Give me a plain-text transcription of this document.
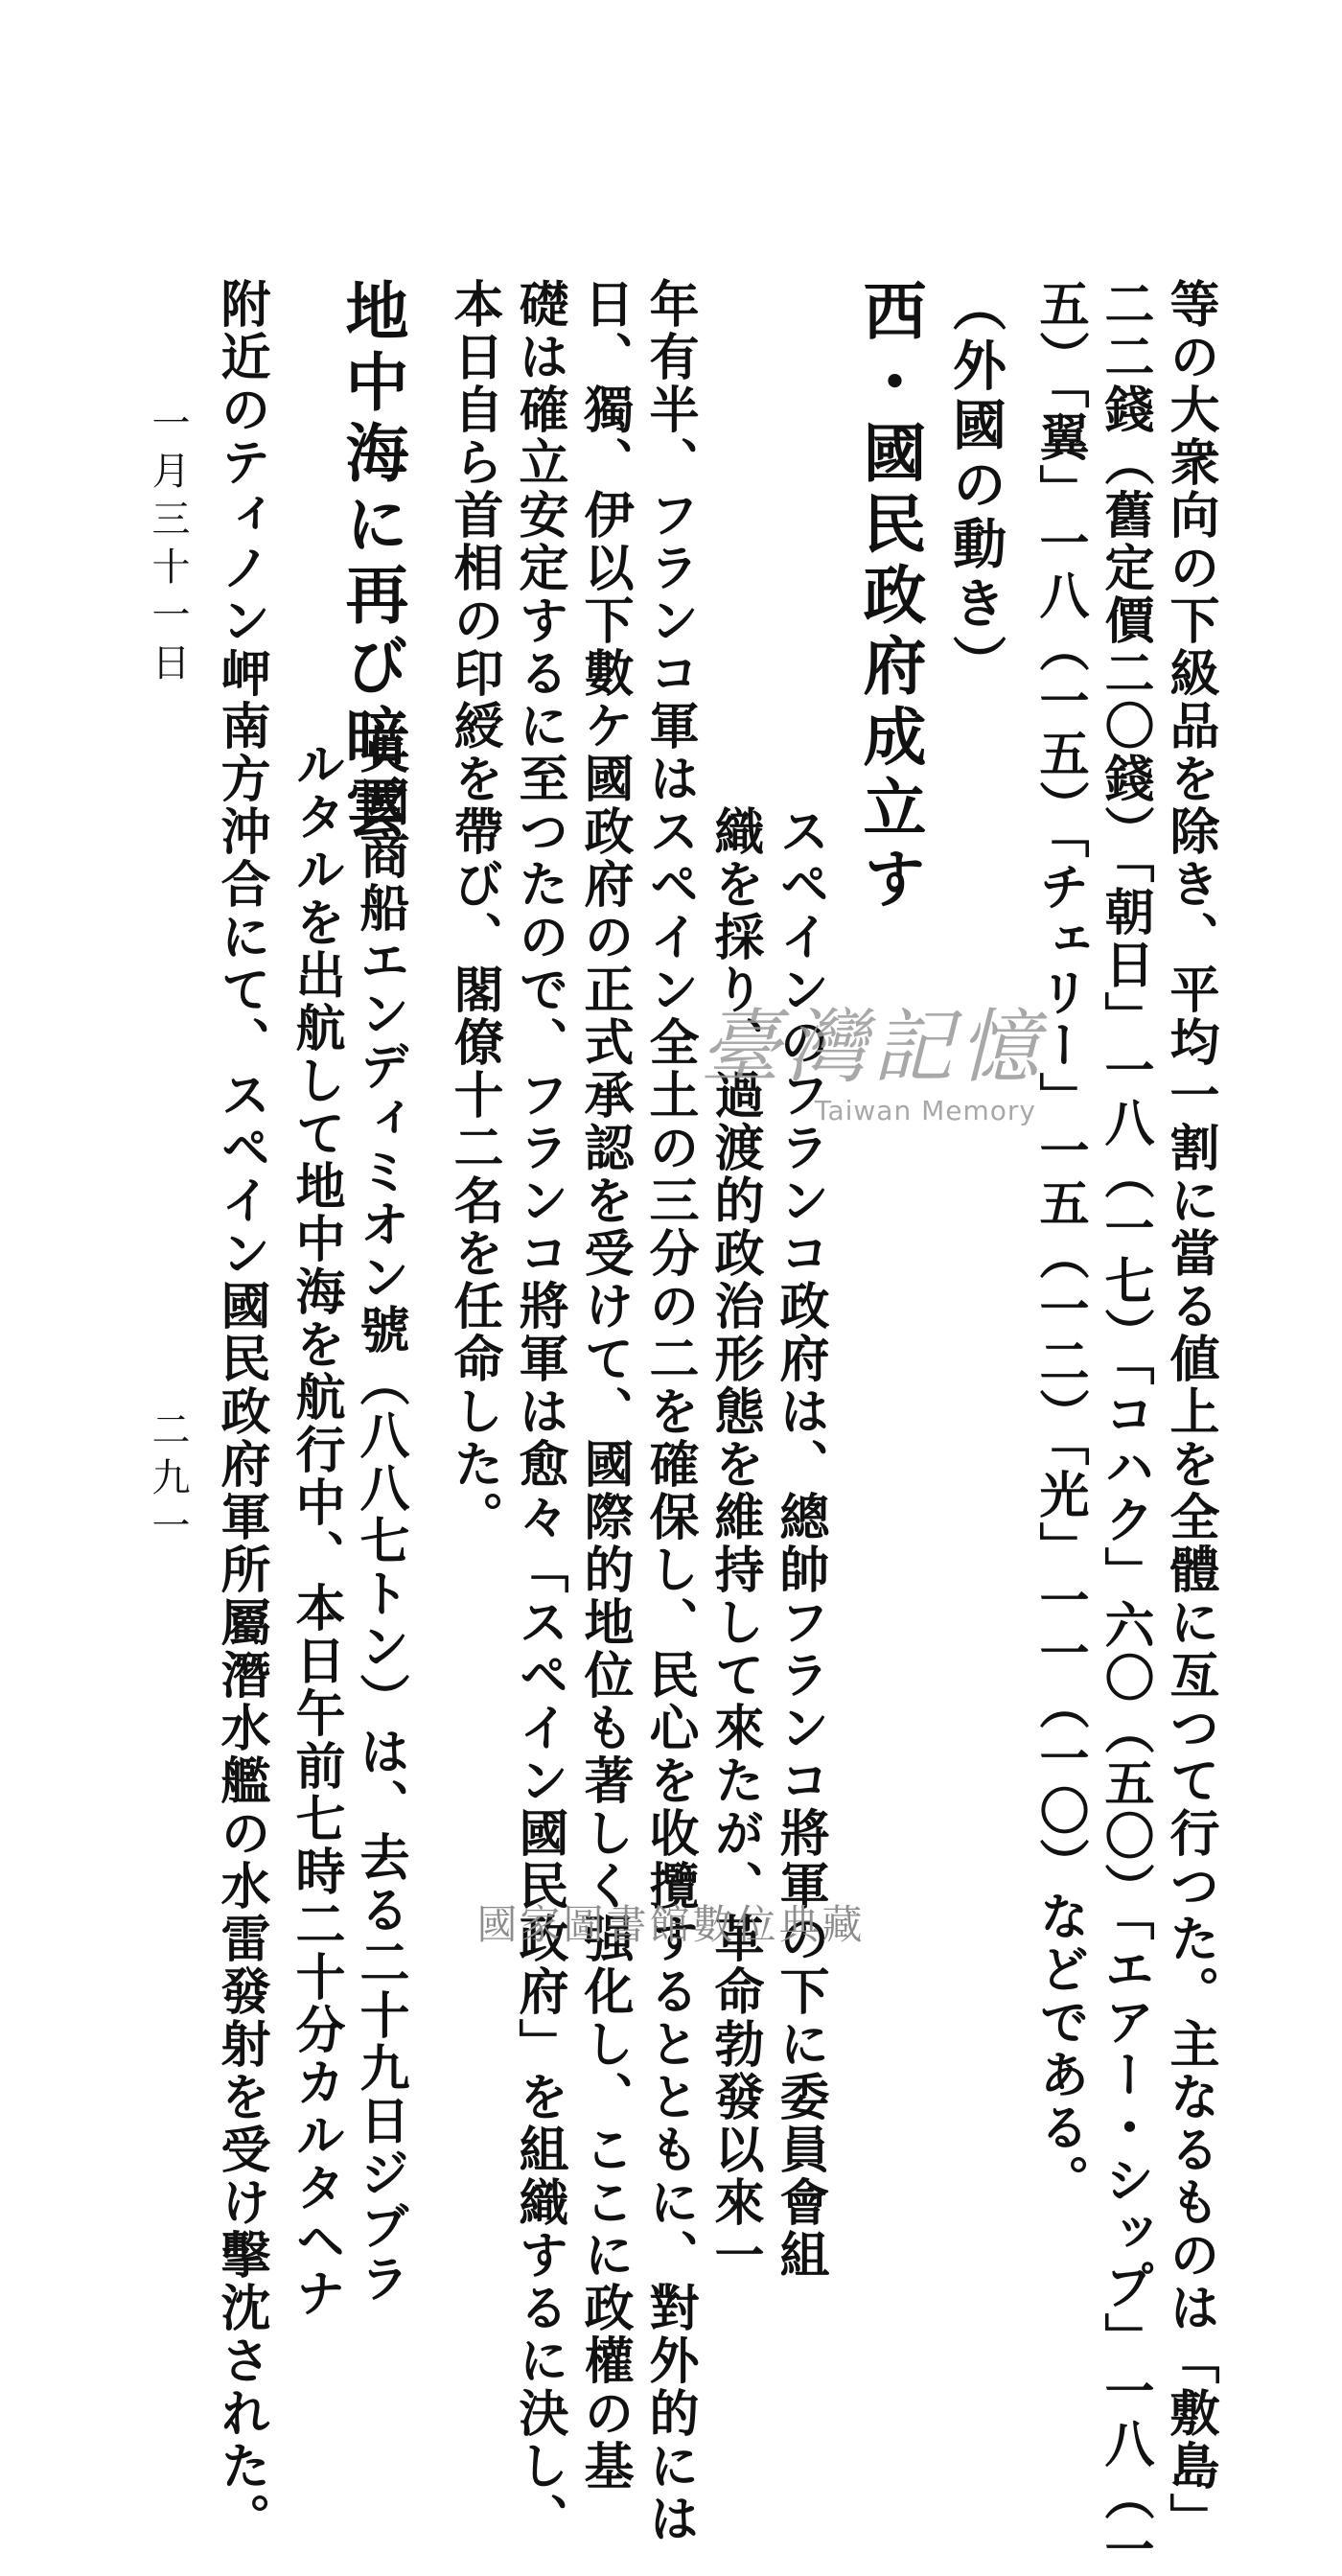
等の大衆向の下級品を除き、平均一割に當る値上を全體に亙つて行つた。主なるものは「敷島」
二二錢（舊定價二〇錢）「朝日」一八（一七）「コハク」六〇（五〇）「エアー・シップ」一八（一
五）「翼」一八（一五）「チェリー」一五（一二）「光」一一（一〇）などである。
（外國の動き）
西・國民政府成立す
スペインのフランコ政府は、總帥フランコ將軍の下に委員會組
織を採り、過渡的政治形態を維持して來たが、革命勃發以來一
年有半、フランコ軍はスペイン全土の三分の二を確保し、民心を收攬するとともに、對外的には
日、獨、伊以下數ケ國政府の正式承認を受けて、國際的地位も著しく强化し、ここに政權の基
礎は確立安定するに至つたので、フランコ將軍は愈々「スペイン國民政府」を組織するに決し、
本日自ら首相の印綬を帶び、閣僚十二名を任命した。
地中海に再び暗雲
英國商船エンディミオン號（八八七トン）は、去る二十九日ジブラ
ルタルを出航して地中海を航行中、本日午前七時二十分カルタヘナ
附近のティノン岬南方沖合にて、スペイン國民政府軍所屬潛水艦の水雷發射を受け擊沈された。
一月三十一日
二九一
臺灣記憶
Taiwan Memory
國家圖書館數位典藏
